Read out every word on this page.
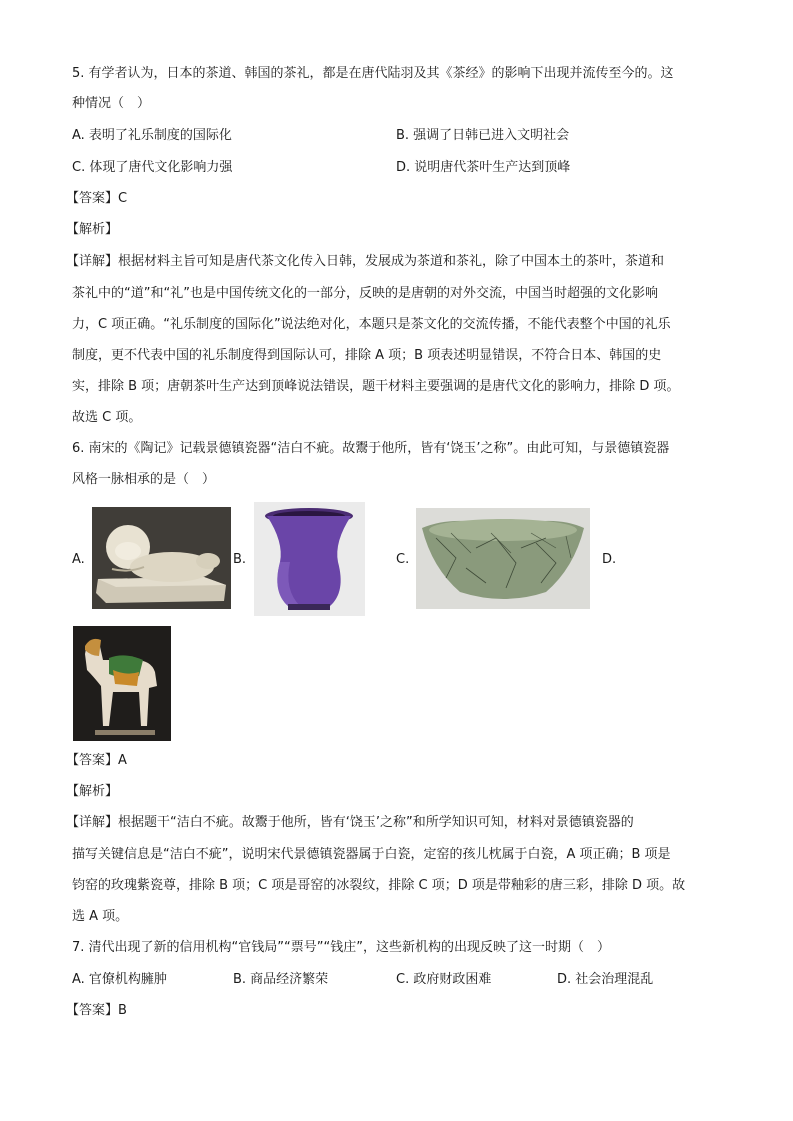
5. 有学者认为，日本的茶道、韩国的茶礼，都是在唐代陆羽及其《茶经》的影响下出现并流传至今的。这
种情况（　）
A. 表明了礼乐制度的国际化	B. 强调了日韩已进入文明社会
C. 体现了唐代文化影响力强	D. 说明唐代茶叶生产达到顶峰
【答案】C
【解析】
【详解】根据材料主旨可知是唐代茶文化传入日韩，发展成为茶道和茶礼，除了中国本土的茶叶，茶道和
茶礼中的“道”和“礼”也是中国传统文化的一部分，反映的是唐朝的对外交流，中国当时超强的文化影响
力，C 项正确。“礼乐制度的国际化”说法绝对化，本题只是茶文化的交流传播，不能代表整个中国的礼乐
制度，更不代表中国的礼乐制度得到国际认可，排除 A 项；B 项表述明显错误，不符合日本、韩国的史
实，排除 B 项；唐朝茶叶生产达到顶峰说法错误，题干材料主要强调的是唐代文化的影响力，排除 D 项。
故选 C 项。
6. 南宋的《陶记》记载景德镇瓷器“洁白不疵。故鬻于他所，皆有‘饶玉’之称”。由此可知，与景德镇瓷器
风格一脉相承的是（　）
A.	B.	C.	D.
【答案】A
【解析】
【详解】根据题干“洁白不疵。故鬻于他所，皆有‘饶玉’之称”和所学知识可知，材料对景德镇瓷器的
描写关键信息是“洁白不疵”，说明宋代景德镇瓷器属于白瓷，定窑的孩儿枕属于白瓷，A 项正确；B 项是
钧窑的玫瑰紫瓷尊，排除 B 项；C 项是哥窑的冰裂纹，排除 C 项；D 项是带釉彩的唐三彩，排除 D 项。故
选 A 项。
7. 清代出现了新的信用机构“官钱局”“票号”“钱庄”，这些新机构的出现反映了这一时期（　）
A. 官僚机构臃肿	B. 商品经济繁荣	C. 政府财政困难	D. 社会治理混乱
【答案】B
